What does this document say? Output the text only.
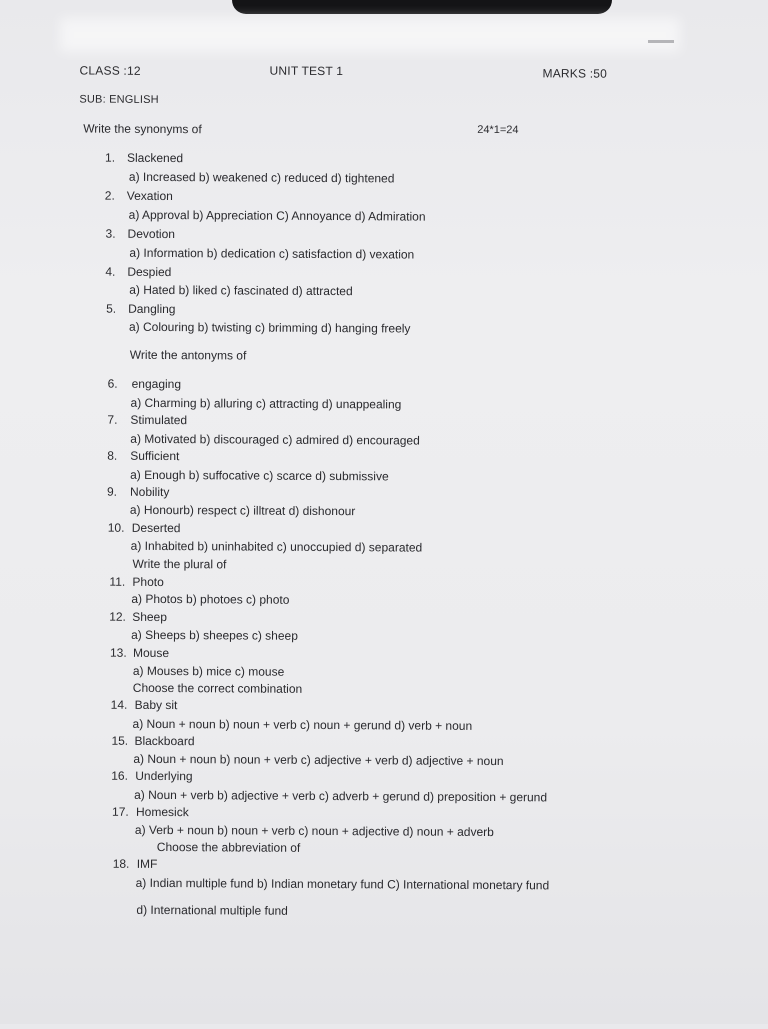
CLASS :12	UNIT TEST 1	MARKS :50
SUB: ENGLISH
Write the synonyms of	24*1=24
1. Slackened
a) Increased b) weakened c) reduced d) tightened
2. Vexation
a) Approval b) Appreciation C) Annoyance d) Admiration
3. Devotion
a) Information b) dedication c) satisfaction d) vexation
4. Despied
a) Hated b) liked c) fascinated d) attracted
5. Dangling
a) Colouring b) twisting c) brimming d) hanging freely
Write the antonyms of
6. engaging
a) Charming b) alluring c) attracting d) unappealing
7. Stimulated
a) Motivated b) discouraged c) admired d) encouraged
8. Sufficient
a) Enough b) suffocative c) scarce d) submissive
9. Nobility
a) Honourb) respect c) illtreat d) dishonour
10. Deserted
a) Inhabited b) uninhabited c) unoccupied d) separated
Write the plural of
11. Photo
a) Photos b) photoes c) photo
12. Sheep
a) Sheeps b) sheepes c) sheep
13. Mouse
a) Mouses b) mice c) mouse
Choose the correct combination
14. Baby sit
a) Noun + noun b) noun + verb c) noun + gerund d) verb + noun
15. Blackboard
a) Noun + noun b) noun + verb c) adjective + verb d) adjective + noun
16. Underlying
a) Noun + verb b) adjective + verb c) adverb + gerund d) preposition + gerund
17. Homesick
a) Verb + noun b) noun + verb c) noun + adjective d) noun + adverb
Choose the abbreviation of
18. IMF
a) Indian multiple fund b) Indian monetary fund C) International monetary fund
d) International multiple fund
